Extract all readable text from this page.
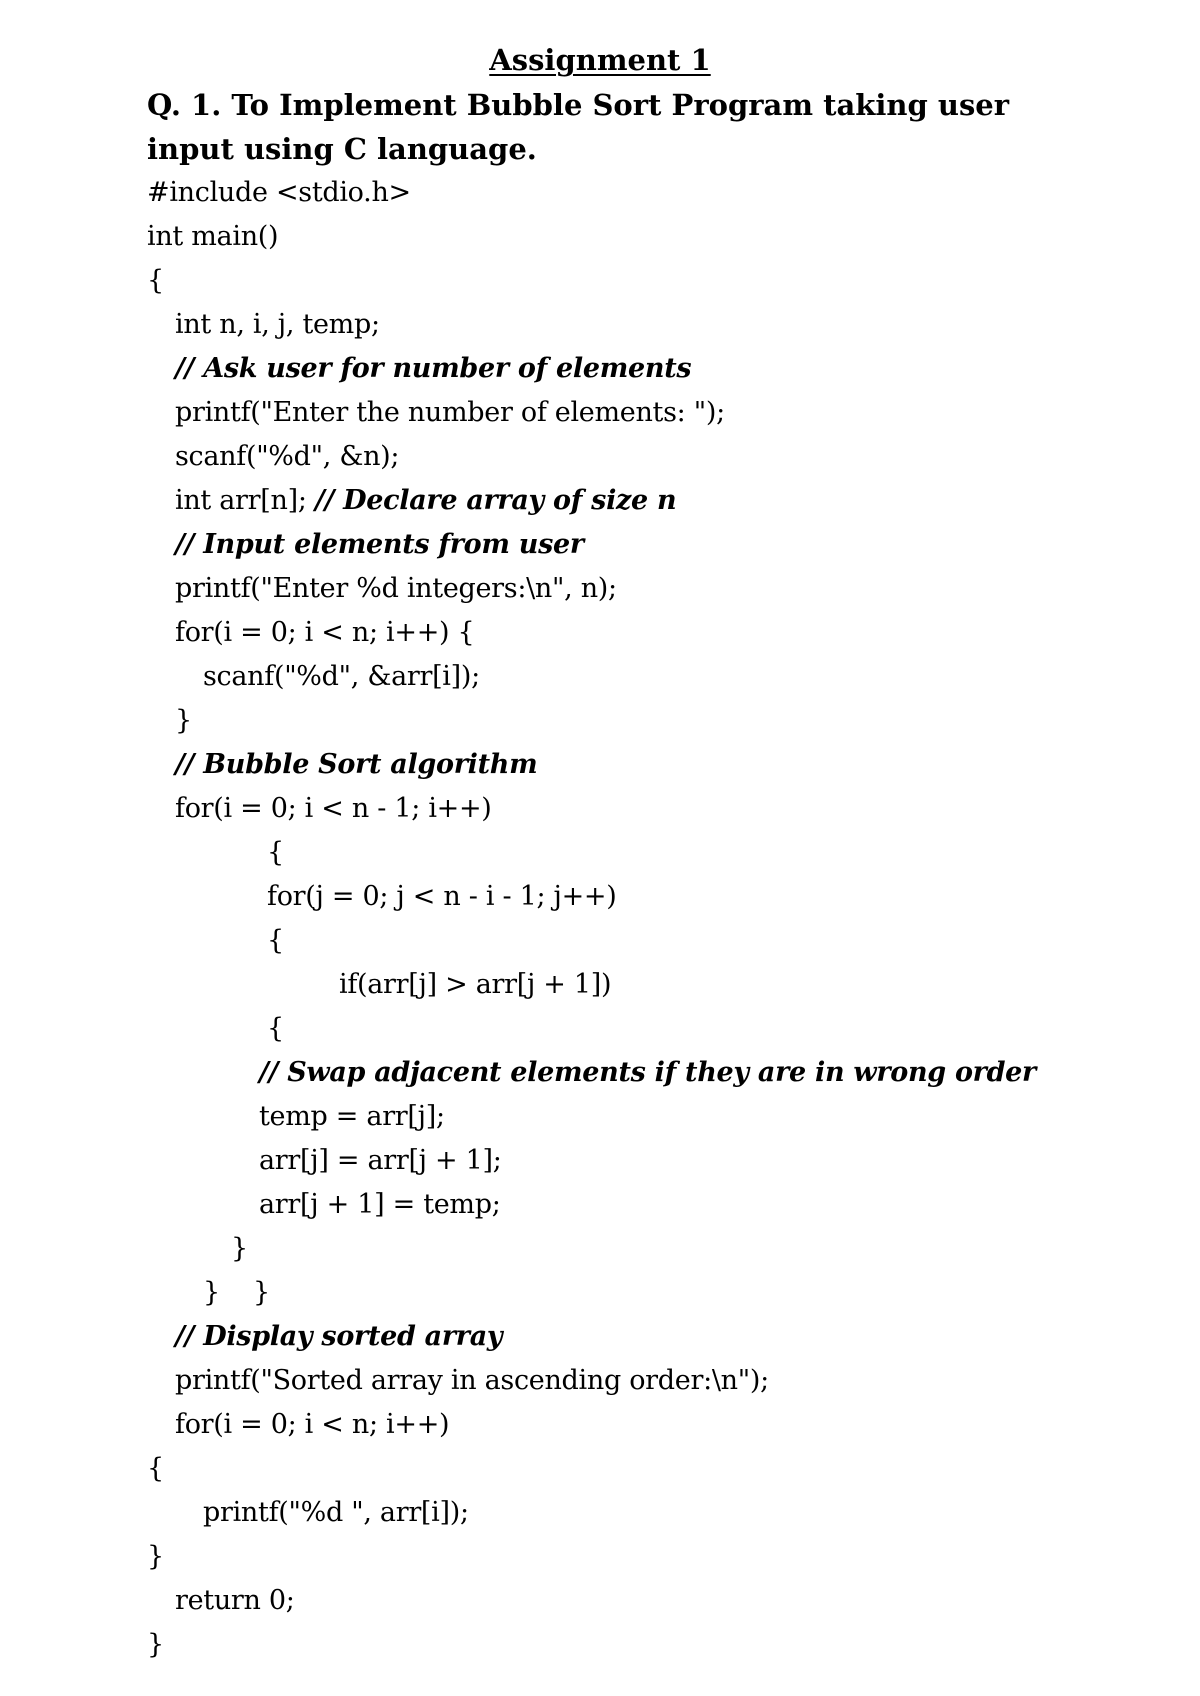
Assignment 1
Q. 1. To Implement Bubble Sort Program taking user input using C language.
#include <stdio.h>
int main()
{
int n, i, j, temp;
// Ask user for number of elements
printf("Enter the number of elements: ");
scanf("%d", &n);
int arr[n]; // Declare array of size n
// Input elements from user
printf("Enter %d integers:\n", n);
for(i = 0; i < n; i++) {
scanf("%d", &arr[i]);
}
// Bubble Sort algorithm
for(i = 0; i < n - 1; i++)
{
for(j = 0; j < n - i - 1; j++)
{
if(arr[j] > arr[j + 1])
{
// Swap adjacent elements if they are in wrong order
temp = arr[j];
arr[j] = arr[j + 1];
arr[j + 1] = temp;
}
}    }
// Display sorted array
printf("Sorted array in ascending order:\n");
for(i = 0; i < n; i++)
{
printf("%d ", arr[i]);
}
return 0;
}
